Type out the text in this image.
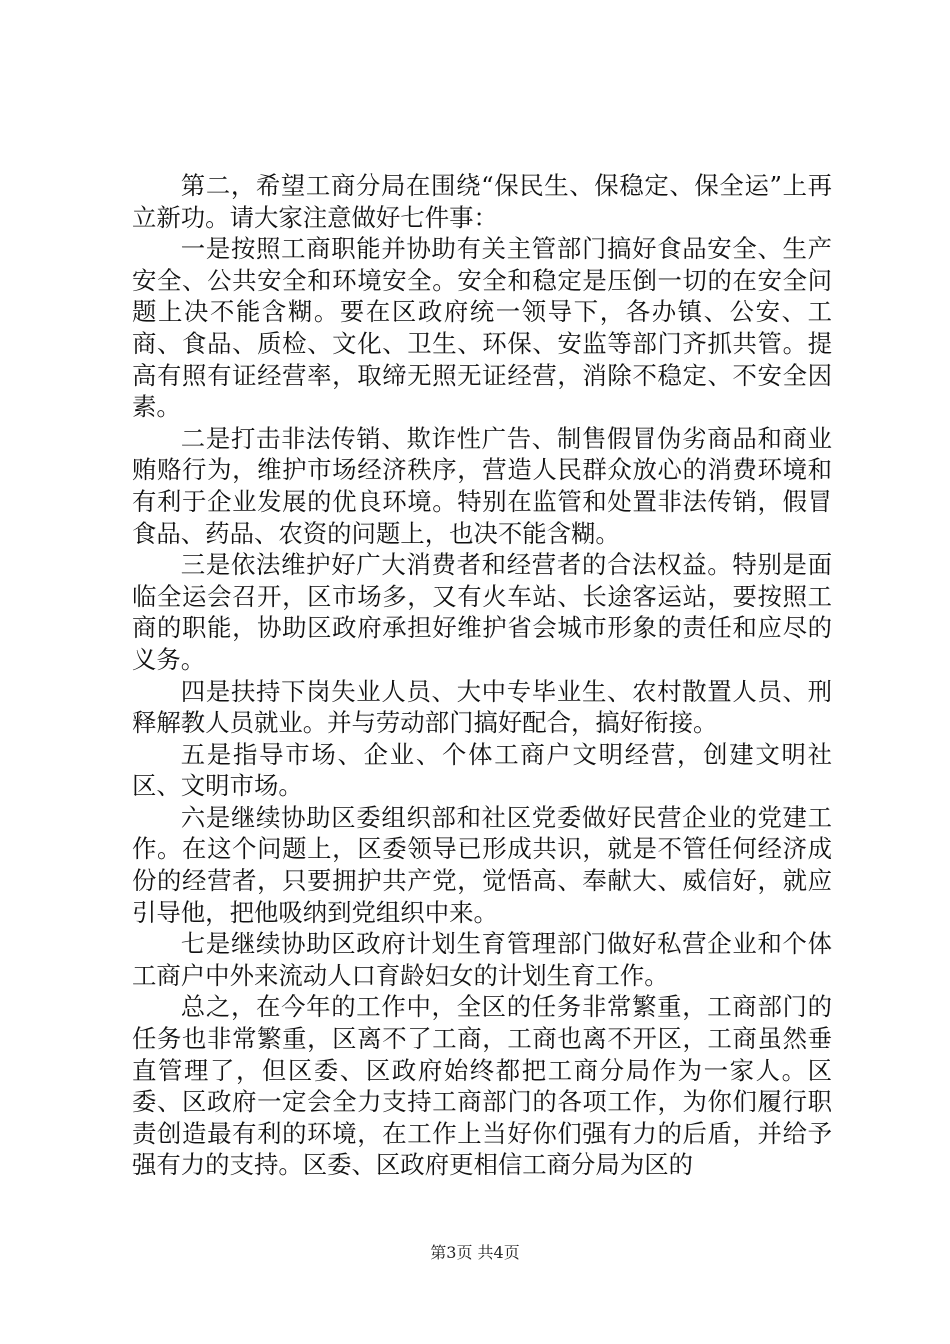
第二，希望工商分局在围绕“保民生、保稳定、保全运”上再立新功。请大家注意做好七件事：

一是按照工商职能并协助有关主管部门搞好食品安全、生产安全、公共安全和环境安全。安全和稳定是压倒一切的在安全问题上决不能含糊。要在区政府统一领导下，各办镇、公安、工商、食品、质检、文化、卫生、环保、安监等部门齐抓共管。提高有照有证经营率，取缔无照无证经营，消除不稳定、不安全因素。

二是打击非法传销、欺诈性广告、制售假冒伪劣商品和商业贿赂行为，维护市场经济秩序，营造人民群众放心的消费环境和有利于企业发展的优良环境。特别在监管和处置非法传销，假冒食品、药品、农资的问题上，也决不能含糊。

三是依法维护好广大消费者和经营者的合法权益。特别是面临全运会召开，区市场多，又有火车站、长途客运站，要按照工商的职能，协助区政府承担好维护省会城市形象的责任和应尽的义务。

四是扶持下岗失业人员、大中专毕业生、农村散置人员、刑释解教人员就业。并与劳动部门搞好配合，搞好衔接。

五是指导市场、企业、个体工商户文明经营，创建文明社区、文明市场。

六是继续协助区委组织部和社区党委做好民营企业的党建工作。在这个问题上，区委领导已形成共识，就是不管任何经济成份的经营者，只要拥护共产党，觉悟高、奉献大、威信好，就应引导他，把他吸纳到党组织中来。

七是继续协助区政府计划生育管理部门做好私营企业和个体工商户中外来流动人口育龄妇女的计划生育工作。

总之，在今年的工作中，全区的任务非常繁重，工商部门的任务也非常繁重，区离不了工商，工商也离不开区，工商虽然垂直管理了，但区委、区政府始终都把工商分局作为一家人。区委、区政府一定会全力支持工商部门的各项工作，为你们履行职责创造最有利的环境，在工作上当好你们强有力的后盾，并给予强有力的支持。区委、区政府更相信工商分局为区的

第3页 共4页
